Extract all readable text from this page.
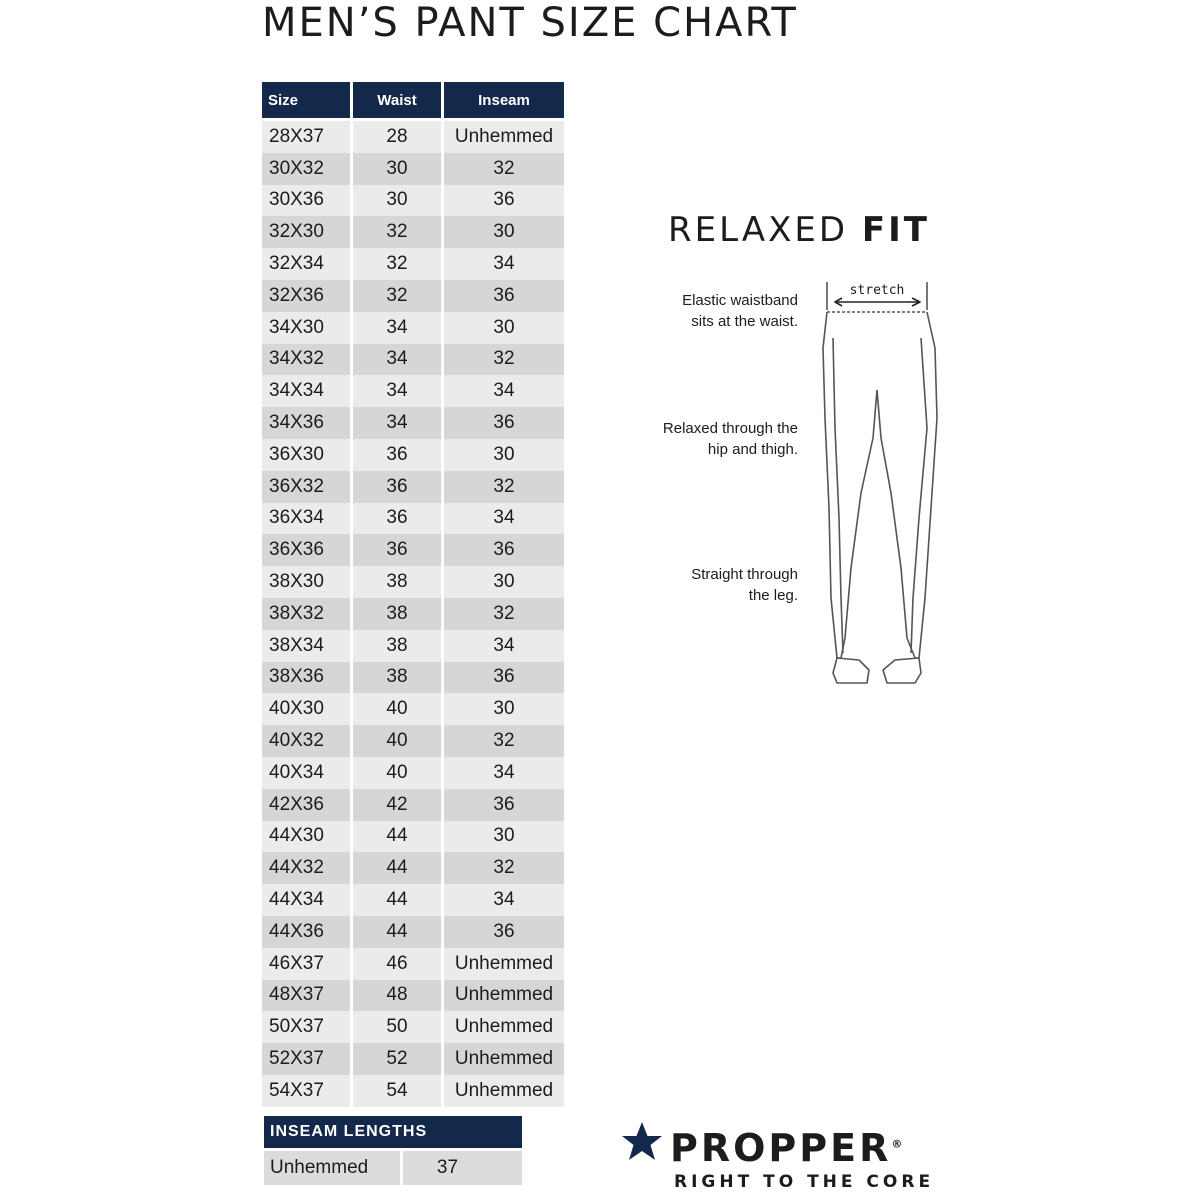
MEN’S PANT SIZE CHART
Size	Waist	Inseam
28X37	28	Unhemmed
30X32	30	32
30X36	30	36
32X30	32	30
32X34	32	34
32X36	32	36
34X30	34	30
34X32	34	32
34X34	34	34
34X36	34	36
36X30	36	30
36X32	36	32
36X34	36	34
36X36	36	36
38X30	38	30
38X32	38	32
38X34	38	34
38X36	38	36
40X30	40	30
40X32	40	32
40X34	40	34
42X36	42	36
44X30	44	30
44X32	44	32
44X34	44	34
44X36	44	36
46X37	46	Unhemmed
48X37	48	Unhemmed
50X37	50	Unhemmed
52X37	52	Unhemmed
54X37	54	Unhemmed
INSEAM LENGTHS
Unhemmed	37
RELAXED FIT

Elastic waistband
sits at the waist.

Relaxed through the
hip and thigh.

Straight through
the leg.

stretch
PROPPER®
RIGHT TO THE CORE
